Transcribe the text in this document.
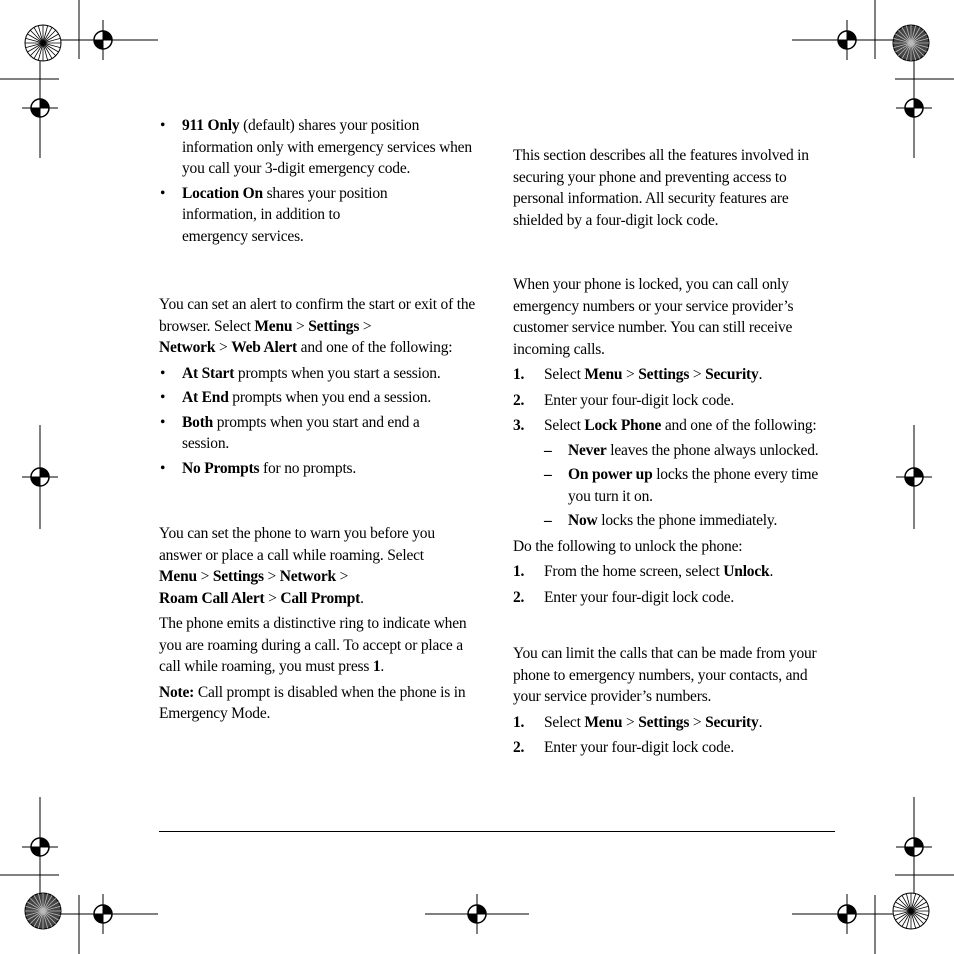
• 911 Only (default) shares your position information only with emergency services when you call your 3-digit emergency code.
• Location On shares your position information, in addition to emergency services.

You can set an alert to confirm the start or exit of the browser. Select Menu > Settings >
Network > Web Alert and one of the following:

• At Start prompts when you start a session.
• At End prompts when you end a session.
• Both prompts when you start and end a session.
• No Prompts for no prompts.

You can set the phone to warn you before you answer or place a call while roaming. Select
Menu > Settings > Network >
Roam Call Alert > Call Prompt.

The phone emits a distinctive ring to indicate when you are roaming during a call. To accept or place a call while roaming, you must press 1.

Note: Call prompt is disabled when the phone is in Emergency Mode.

This section describes all the features involved in securing your phone and preventing access to personal information. All security features are shielded by a four-digit lock code.

When your phone is locked, you can call only emergency numbers or your service provider’s customer service number. You can still receive incoming calls.

1. Select Menu > Settings > Security.
2. Enter your four-digit lock code.
3. Select Lock Phone and one of the following:
– Never leaves the phone always unlocked.
– On power up locks the phone every time you turn it on.
– Now locks the phone immediately.

Do the following to unlock the phone:

1. From the home screen, select Unlock.
2. Enter your four-digit lock code.

You can limit the calls that can be made from your phone to emergency numbers, your contacts, and your service provider’s numbers.

1. Select Menu > Settings > Security.
2. Enter your four-digit lock code.
